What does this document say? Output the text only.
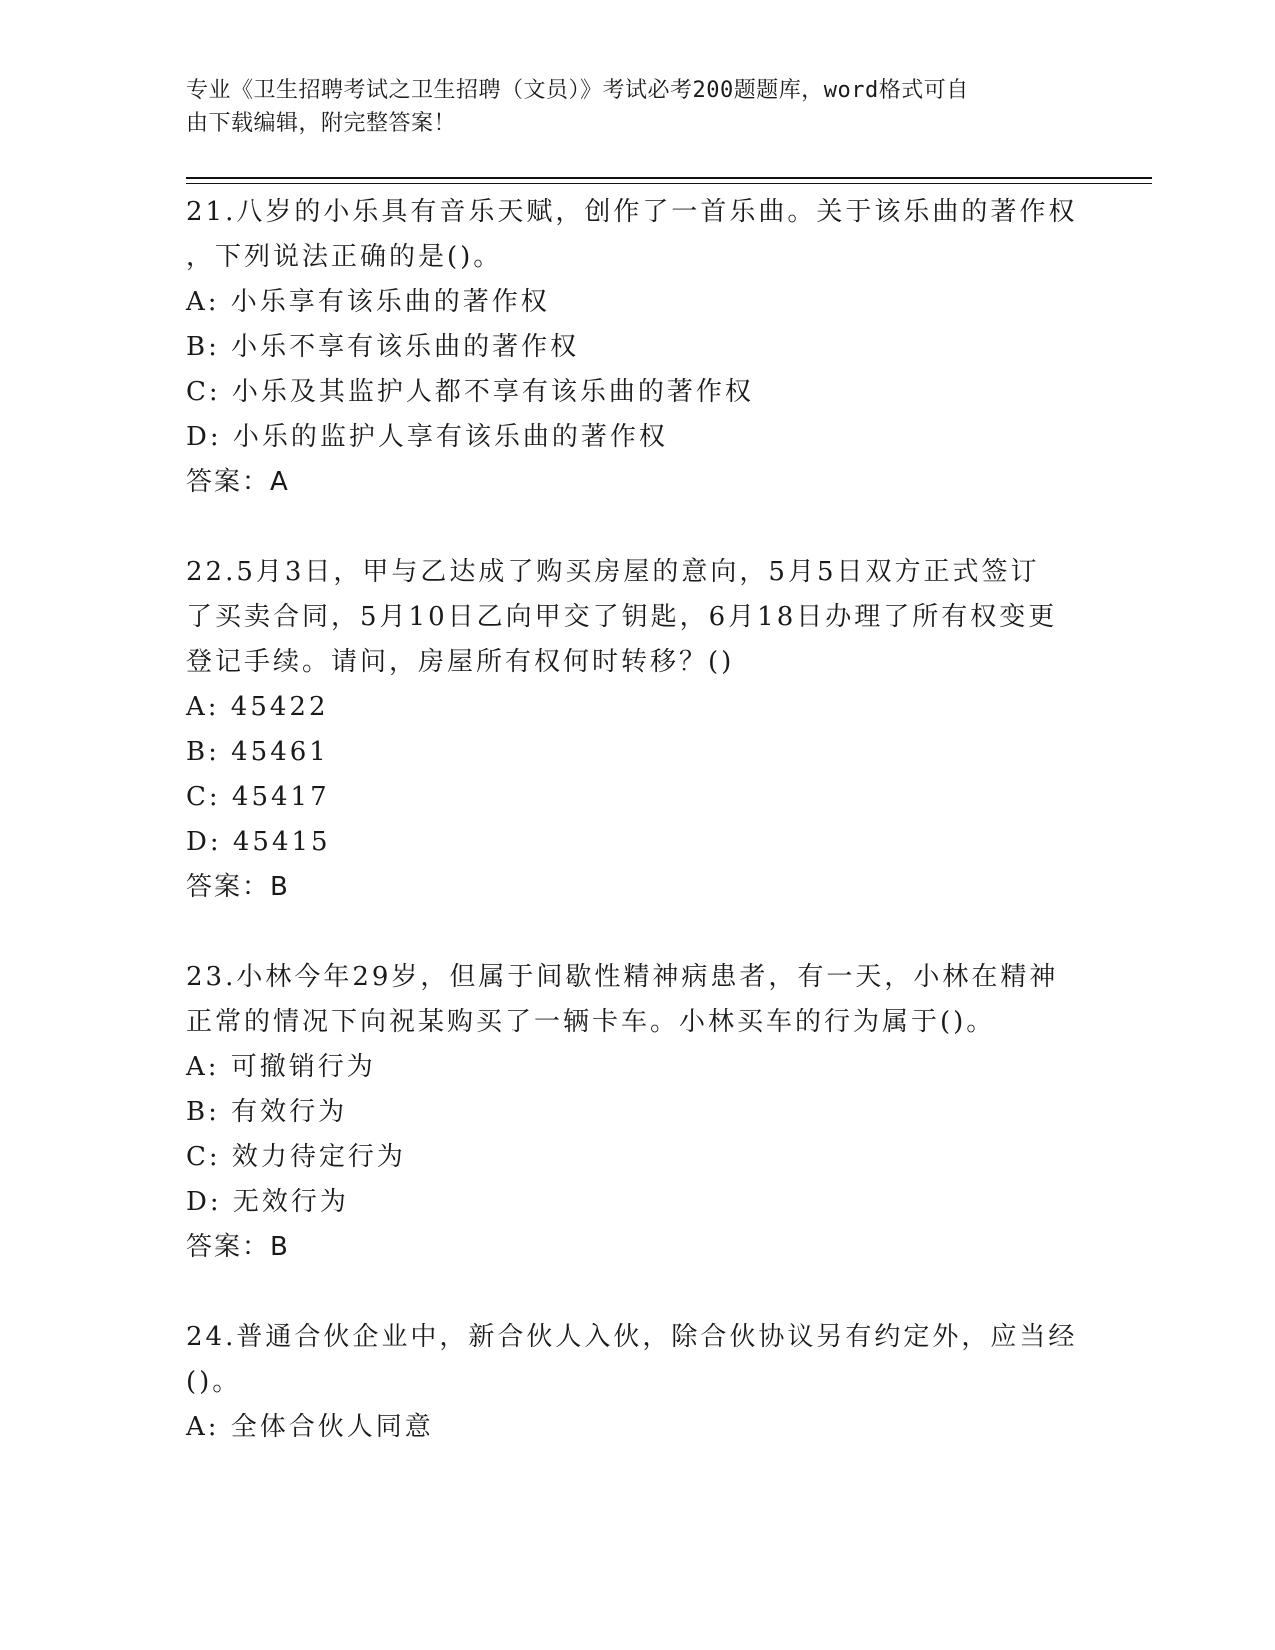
专业《卫生招聘考试之卫生招聘（文员）》考试必考200题题库，word格式可自
由下载编辑，附完整答案！
21.八岁的小乐具有音乐天赋，创作了一首乐曲。关于该乐曲的著作权
，下列说法正确的是()。
A: 小乐享有该乐曲的著作权
B: 小乐不享有该乐曲的著作权
C: 小乐及其监护人都不享有该乐曲的著作权
D: 小乐的监护人享有该乐曲的著作权
答案：A
22.5月3日，甲与乙达成了购买房屋的意向，5月5日双方正式签订
了买卖合同，5月10日乙向甲交了钥匙，6月18日办理了所有权变更
登记手续。请问，房屋所有权何时转移？()
A: 45422
B: 45461
C: 45417
D: 45415
答案：B
23.小林今年29岁，但属于间歇性精神病患者，有一天，小林在精神
正常的情况下向祝某购买了一辆卡车。小林买车的行为属于()。
A: 可撤销行为
B: 有效行为
C: 效力待定行为
D: 无效行为
答案：B
24.普通合伙企业中，新合伙人入伙，除合伙协议另有约定外，应当经
()。
A: 全体合伙人同意
